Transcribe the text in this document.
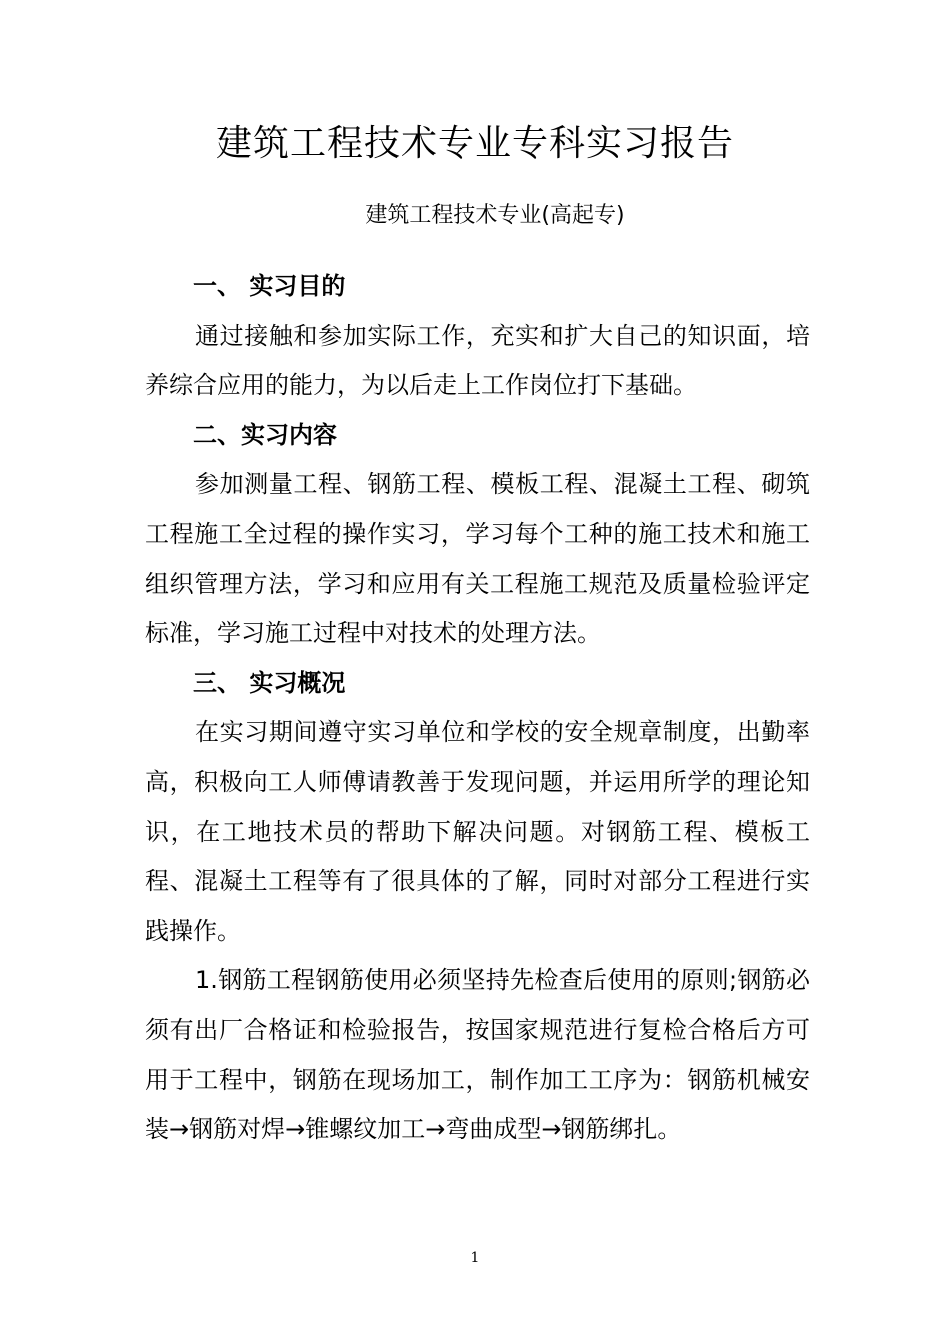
建筑工程技术专业专科实习报告
建筑工程技术专业(高起专)

一、 实习目的

通过接触和参加实际工作，充实和扩大自己的知识面，培养综合应用的能力，为以后走上工作岗位打下基础。

二、实习内容

参加测量工程、钢筋工程、模板工程、混凝土工程、砌筑工程施工全过程的操作实习，学习每个工种的施工技术和施工组织管理方法，学习和应用有关工程施工规范及质量检验评定标准，学习施工过程中对技术的处理方法。

三、 实习概况

在实习期间遵守实习单位和学校的安全规章制度，出勤率高，积极向工人师傅请教善于发现问题，并运用所学的理论知识，在工地技术员的帮助下解决问题。对钢筋工程、模板工程、混凝土工程等有了很具体的了解，同时对部分工程进行实践操作。

1.钢筋工程钢筋使用必须坚持先检查后使用的原则;钢筋必须有出厂合格证和检验报告，按国家规范进行复检合格后方可用于工程中，钢筋在现场加工，制作加工工序为：钢筋机械安装→钢筋对焊→锥螺纹加工→弯曲成型→钢筋绑扎。

1
